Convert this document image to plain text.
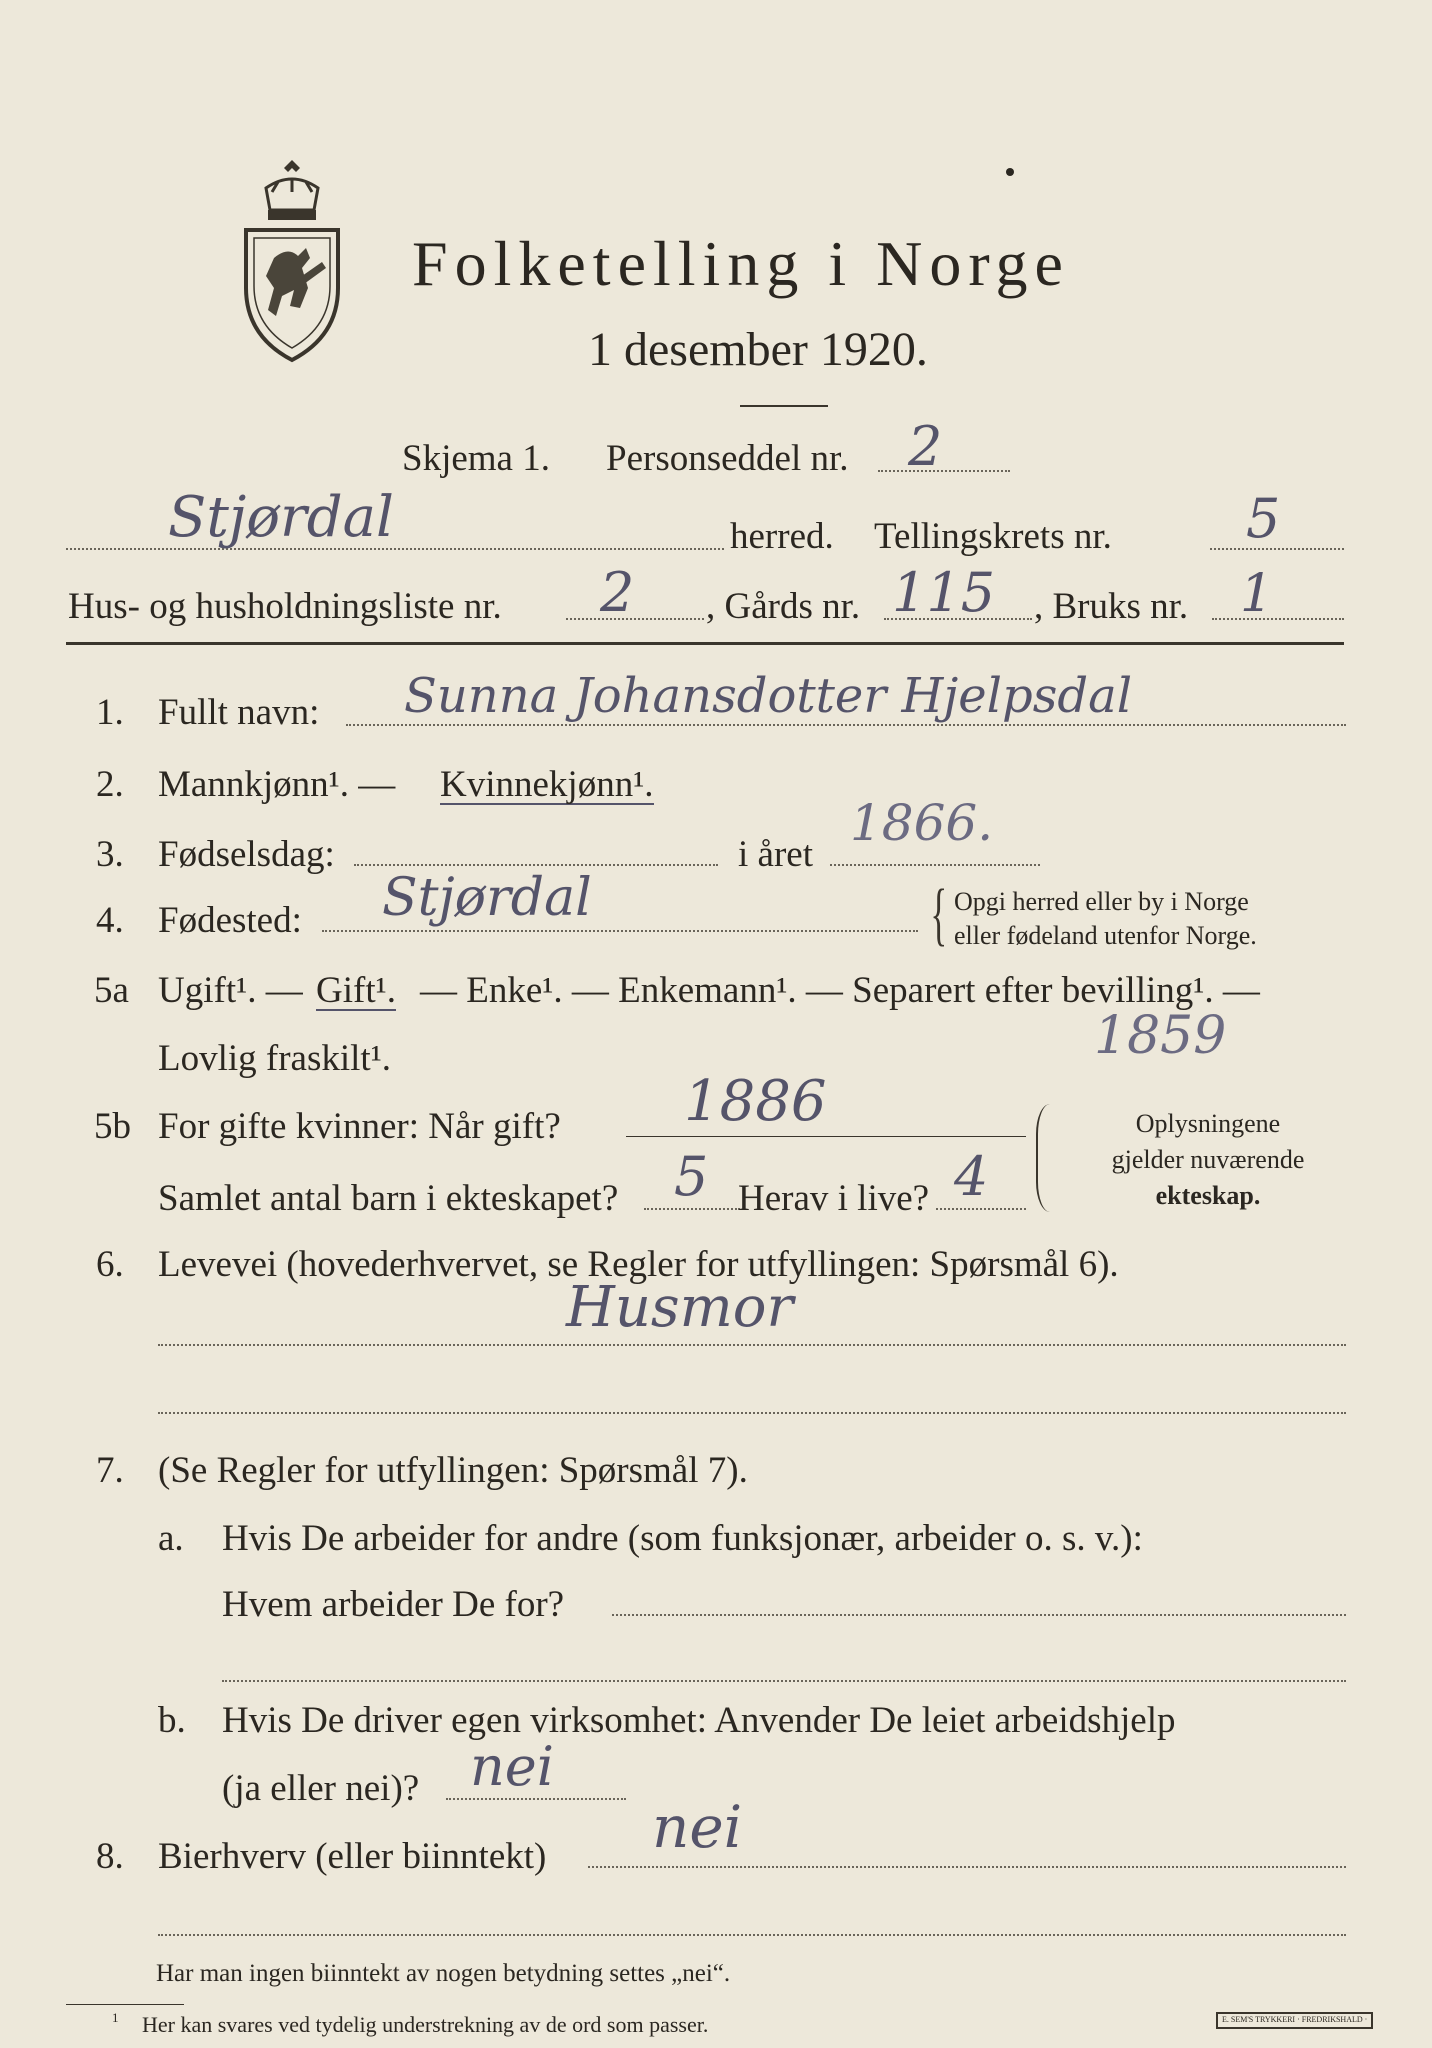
Folketelling i Norge
1 desember 1920.
Skjema 1. Personseddel nr. 2
Stjørdal	herred. Tellingskrets nr. 5
Hus- og husholdningsliste nr. 2 , Gårds nr. 115 , Bruks nr. 1
1. Fullt navn: Sunna Johansdotter Hjelpsdal
2. Mannkjønn¹. — Kvinnekjønn¹.
3. Fødselsdag:	i året
1866.
4. Fødested: Stjørdal	{ Opgi herred eller by i Norge
eller fødeland utenfor Norge.
5a Ugift¹. — Gift¹. — Enke¹. — Enkemann¹. — Separert efter bevilling¹. —
Lovlig fraskilt¹.	1859
5b For gifte kvinner: Når gift? 1886
Samlet antal barn i ekteskapet? 5 Herav i live? 4
Oplysningene
gjelder nuværende
ekteskap.
6. Levevei (hovederhvervet, se Regler for utfyllingen: Spørsmål 6).
Husmor
7. (Se Regler for utfyllingen: Spørsmål 7).
a. Hvis De arbeider for andre (som funksjonær, arbeider o. s. v.):
Hvem arbeider De for?
b. Hvis De driver egen virksomhet: Anvender De leiet arbeidshjelp
(ja eller nei)? nei
8. Bierhverv (eller biinntekt) nei
Har man ingen biinntekt av nogen betydning settes „nei“.
1 Her kan svares ved tydelig understrekning av de ord som passer.	E. SEM'S TRYKKERI · FREDRIKSHALD ·
